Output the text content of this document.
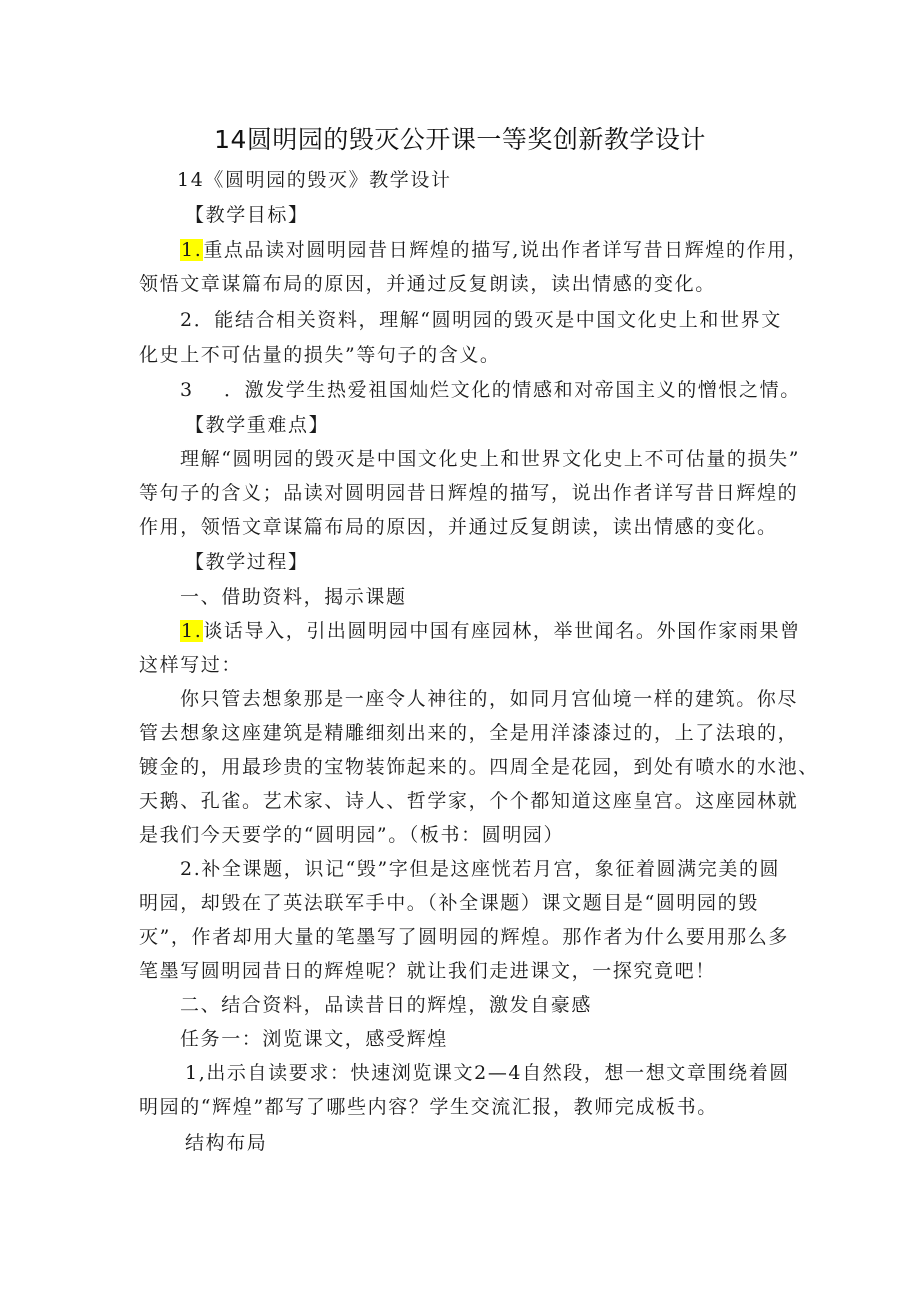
14圆明园的毁灭公开课一等奖创新教学设计
14《圆明园的毁灭》教学设计
【教学目标】
1.重点品读对圆明园昔日辉煌的描写,说出作者详写昔日辉煌的作用，
领悟文章谋篇布局的原因，并通过反复朗读，读出情感的变化。
2．能结合相关资料，理解“圆明园的毁灭是中国文化史上和世界文
化史上不可估量的损失”等句子的含义。
3 ．激发学生热爱祖国灿烂文化的情感和对帝国主义的憎恨之情。
【教学重难点】
理解“圆明园的毁灭是中国文化史上和世界文化史上不可估量的损失”
等句子的含义；品读对圆明园昔日辉煌的描写，说出作者详写昔日辉煌的
作用，领悟文章谋篇布局的原因，并通过反复朗读，读出情感的变化。
【教学过程】
一、借助资料，揭示课题
1.谈话导入，引出圆明园中国有座园林，举世闻名。外国作家雨果曾
这样写过：
你只管去想象那是一座令人神往的，如同月宫仙境一样的建筑。你尽
管去想象这座建筑是精雕细刻出来的，全是用洋漆漆过的，上了法琅的，
镀金的，用最珍贵的宝物装饰起来的。四周全是花园，到处有喷水的水池、
天鹅、孔雀。艺术家、诗人、哲学家，个个都知道这座皇宫。这座园林就
是我们今天要学的“圆明园”。（板书：圆明园）
2.补全课题，识记“毁”字但是这座恍若月宫，象征着圆满完美的圆
明园，却毁在了英法联军手中。（补全课题）课文题目是“圆明园的毁
灭”，作者却用大量的笔墨写了圆明园的辉煌。那作者为什么要用那么多
笔墨写圆明园昔日的辉煌呢？就让我们走进课文，一探究竟吧！
二、结合资料，品读昔日的辉煌，激发自豪感
任务一：浏览课文，感受辉煌
1,出示自读要求：快速浏览课文2—4自然段，想一想文章围绕着圆
明园的“辉煌”都写了哪些内容？学生交流汇报，教师完成板书。
结构布局
